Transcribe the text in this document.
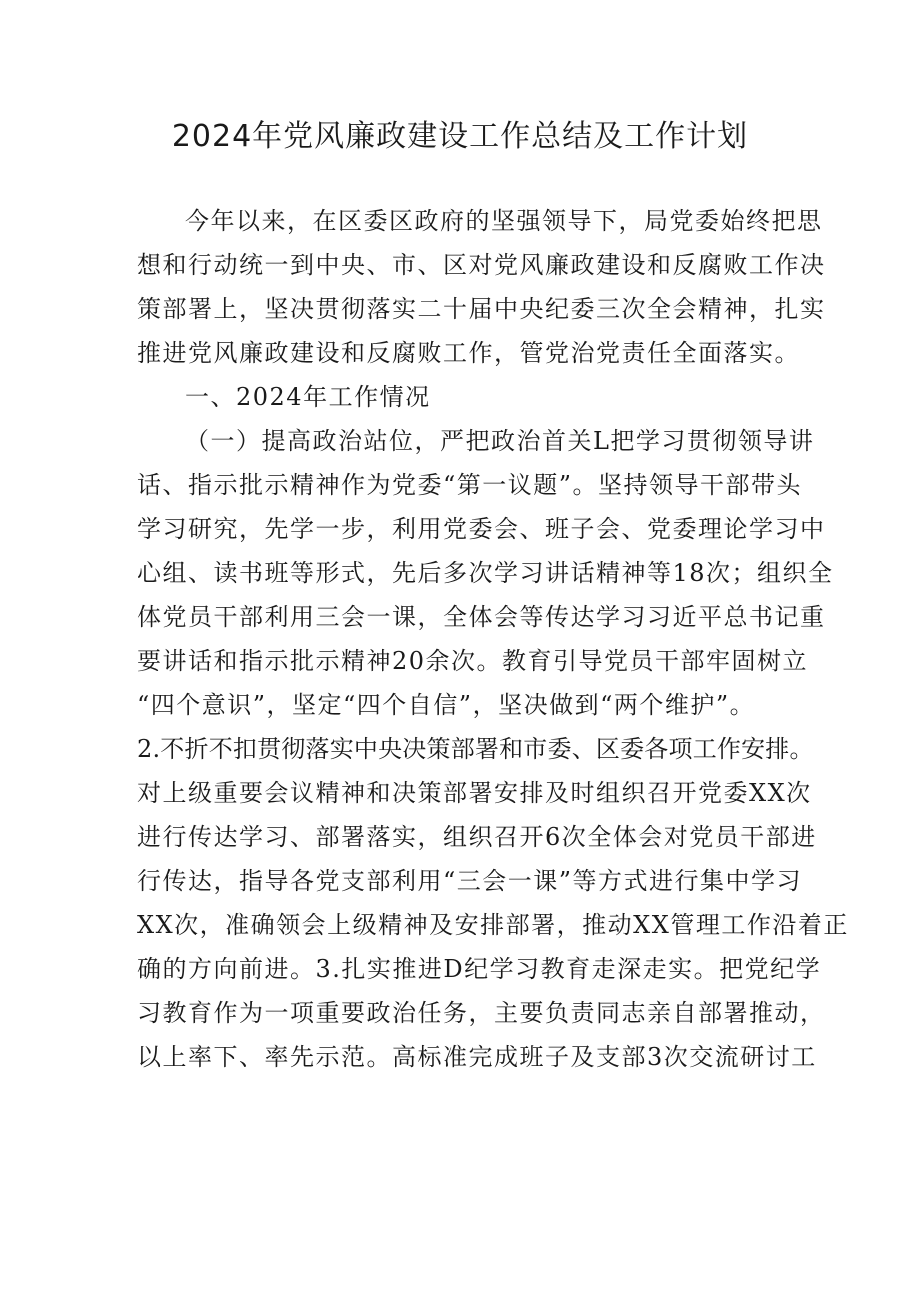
2024年党风廉政建设工作总结及工作计划
今年以来，在区委区政府的坚强领导下，局党委始终把思
想和行动统一到中央、市、区对党风廉政建设和反腐败工作决
策部署上，坚决贯彻落实二十届中央纪委三次全会精神，扎实
推进党风廉政建设和反腐败工作，管党治党责任全面落实。
一、2024年工作情况
（一）提高政治站位，严把政治首关L把学习贯彻领导讲
话、指示批示精神作为党委“第一议题”。坚持领导干部带头
学习研究，先学一步，利用党委会、班子会、党委理论学习中
心组、读书班等形式，先后多次学习讲话精神等18次；组织全
体党员干部利用三会一课，全体会等传达学习习近平总书记重
要讲话和指示批示精神20余次。教育引导党员干部牢固树立
“四个意识”，坚定“四个自信”，坚决做到“两个维护”。
2.不折不扣贯彻落实中央决策部署和市委、区委各项工作安排。
对上级重要会议精神和决策部署安排及时组织召开党委XX次
进行传达学习、部署落实，组织召开6次全体会对党员干部进
行传达，指导各党支部利用“三会一课”等方式进行集中学习
XX次，准确领会上级精神及安排部署，推动XX管理工作沿着正
确的方向前进。3.扎实推进D纪学习教育走深走实。把党纪学
习教育作为一项重要政治任务，主要负责同志亲自部署推动，
以上率下、率先示范。高标准完成班子及支部3次交流研讨工
